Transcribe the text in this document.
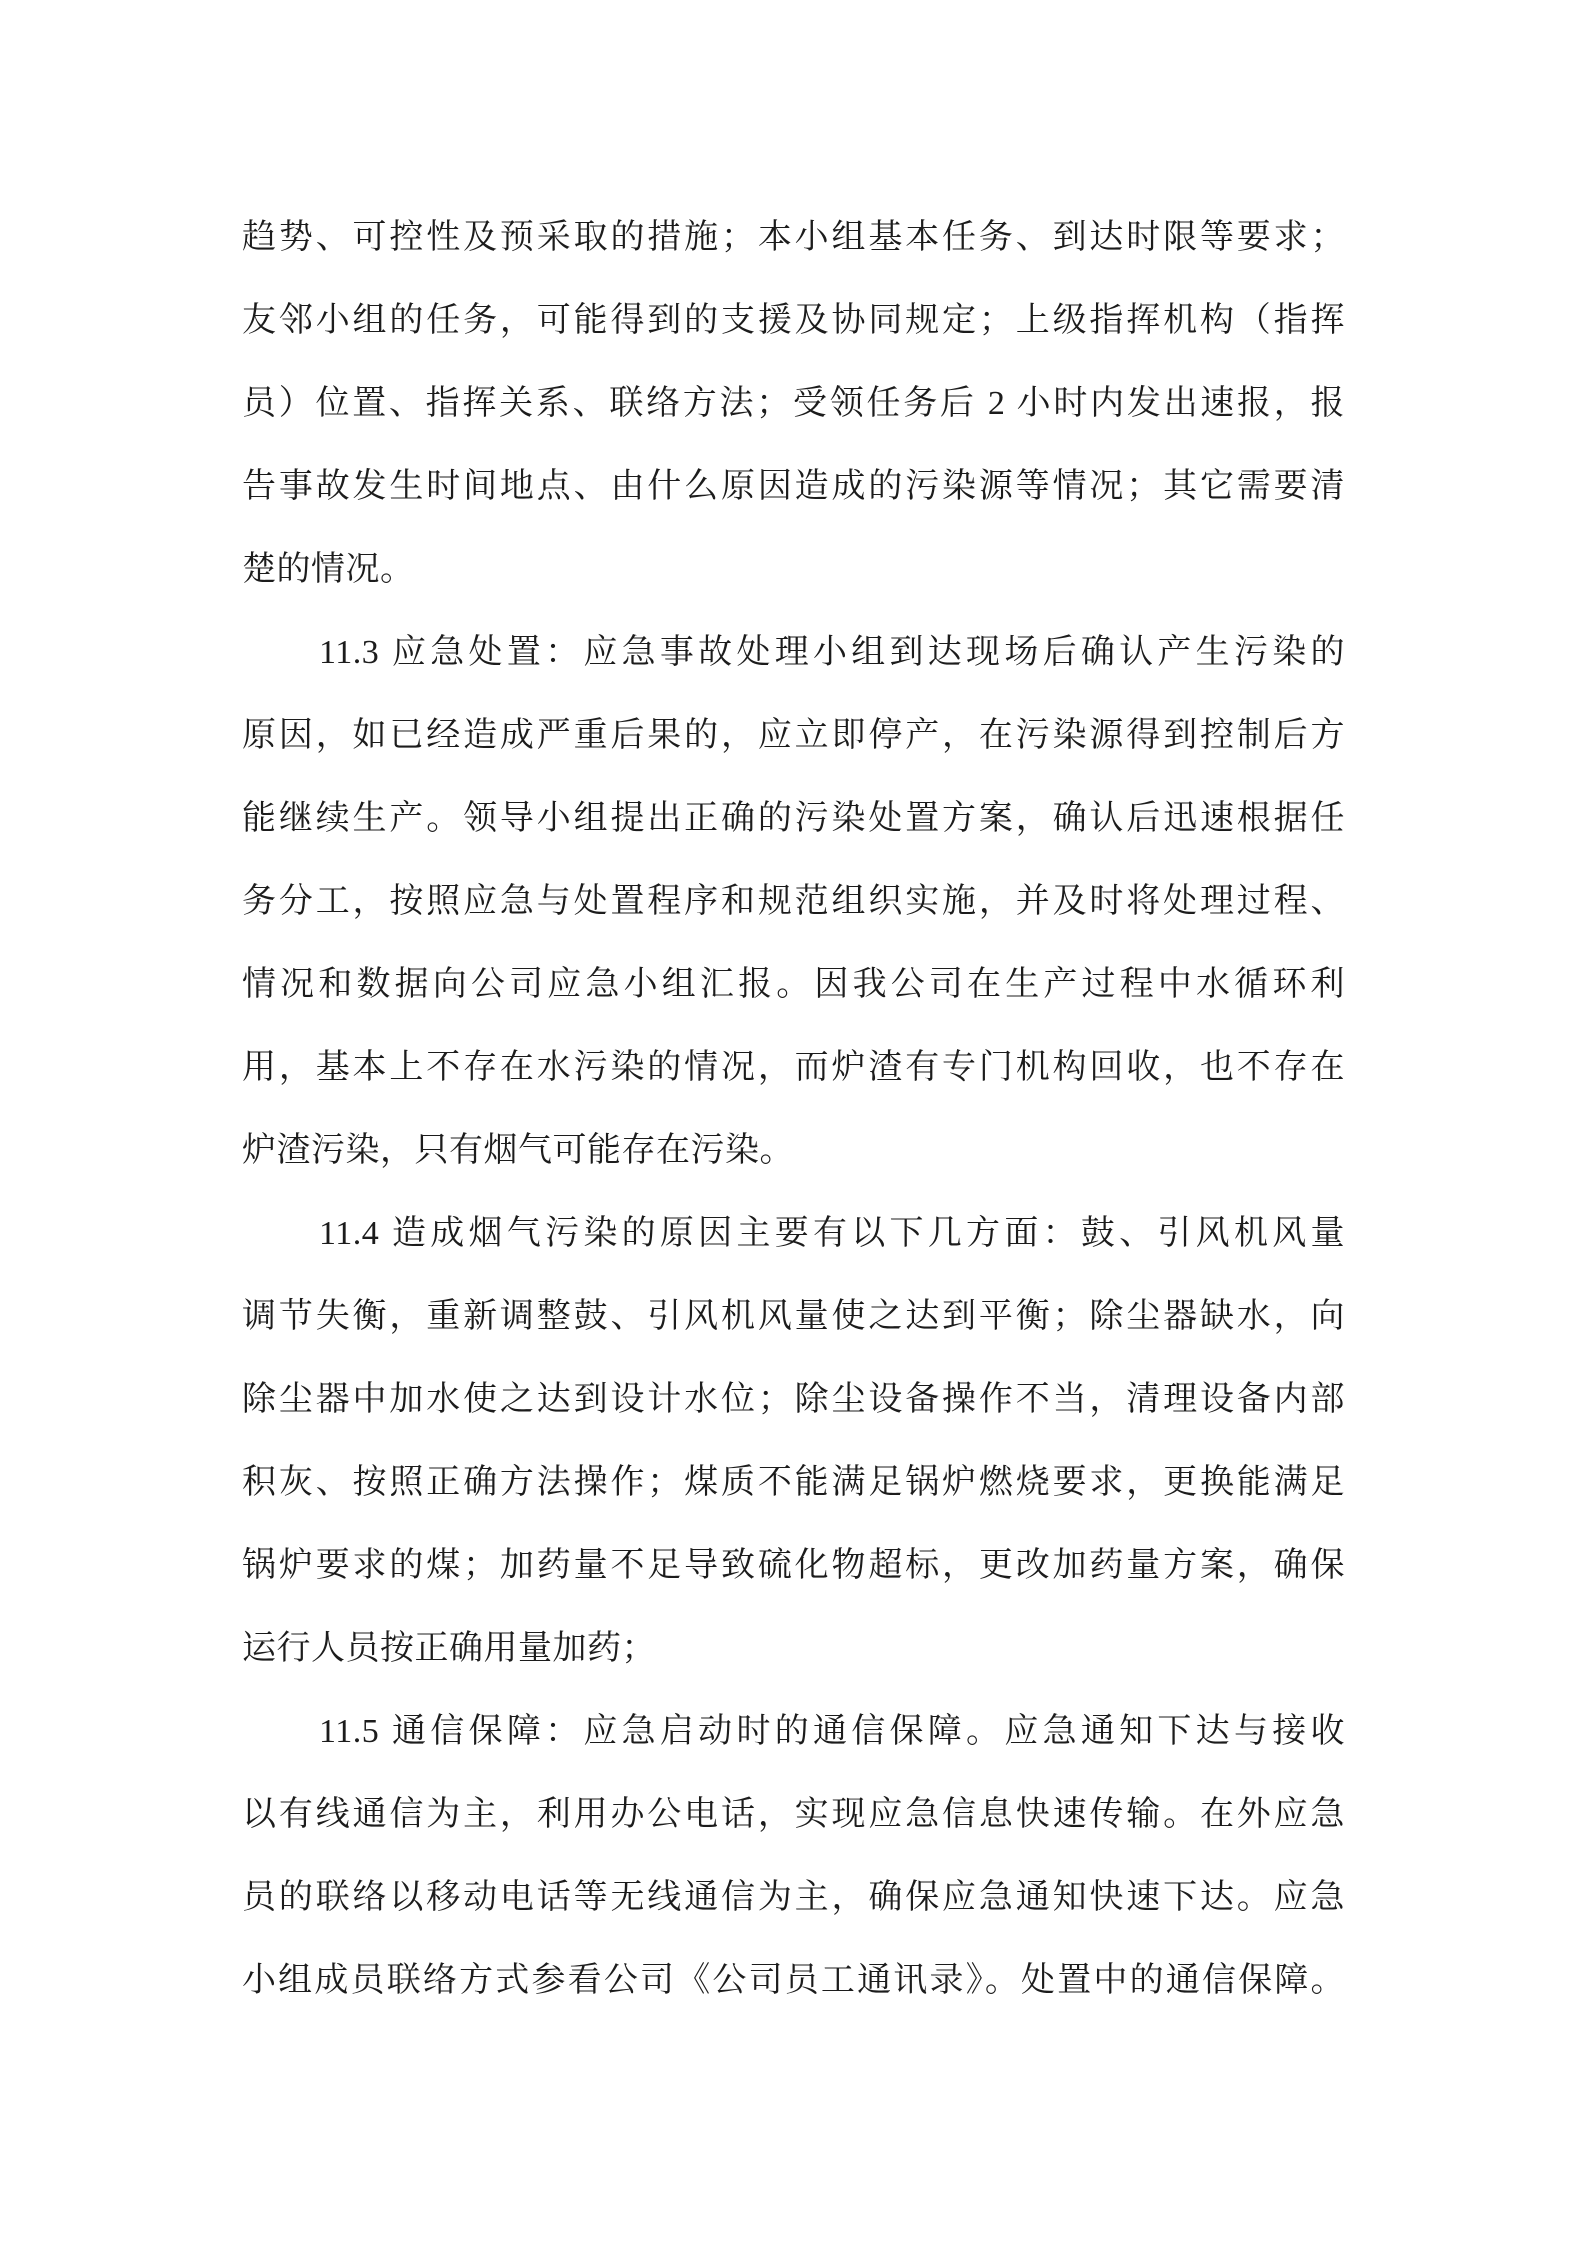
趋势、可控性及预采取的措施；本小组基本任务、到达时限等要求；
友邻小组的任务，可能得到的支援及协同规定；上级指挥机构（指挥
员）位置、指挥关系、联络方法；受领任务后 2 小时内发出速报，报
告事故发生时间地点、由什么原因造成的污染源等情况；其它需要清
楚的情况。
11.3 应急处置：应急事故处理小组到达现场后确认产生污染的
原因，如已经造成严重后果的，应立即停产，在污染源得到控制后方
能继续生产。领导小组提出正确的污染处置方案，确认后迅速根据任
务分工，按照应急与处置程序和规范组织实施，并及时将处理过程、
情况和数据向公司应急小组汇报。因我公司在生产过程中水循环利
用，基本上不存在水污染的情况，而炉渣有专门机构回收，也不存在
炉渣污染，只有烟气可能存在污染。
11.4 造成烟气污染的原因主要有以下几方面：鼓、引风机风量
调节失衡，重新调整鼓、引风机风量使之达到平衡；除尘器缺水，向
除尘器中加水使之达到设计水位；除尘设备操作不当，清理设备内部
积灰、按照正确方法操作；煤质不能满足锅炉燃烧要求，更换能满足
锅炉要求的煤；加药量不足导致硫化物超标，更改加药量方案，确保
运行人员按正确用量加药；
11.5 通信保障：应急启动时的通信保障。应急通知下达与接收
以有线通信为主，利用办公电话，实现应急信息快速传输。在外应急
员的联络以移动电话等无线通信为主，确保应急通知快速下达。应急
小组成员联络方式参看公司《公司员工通讯录》。处置中的通信保障。
